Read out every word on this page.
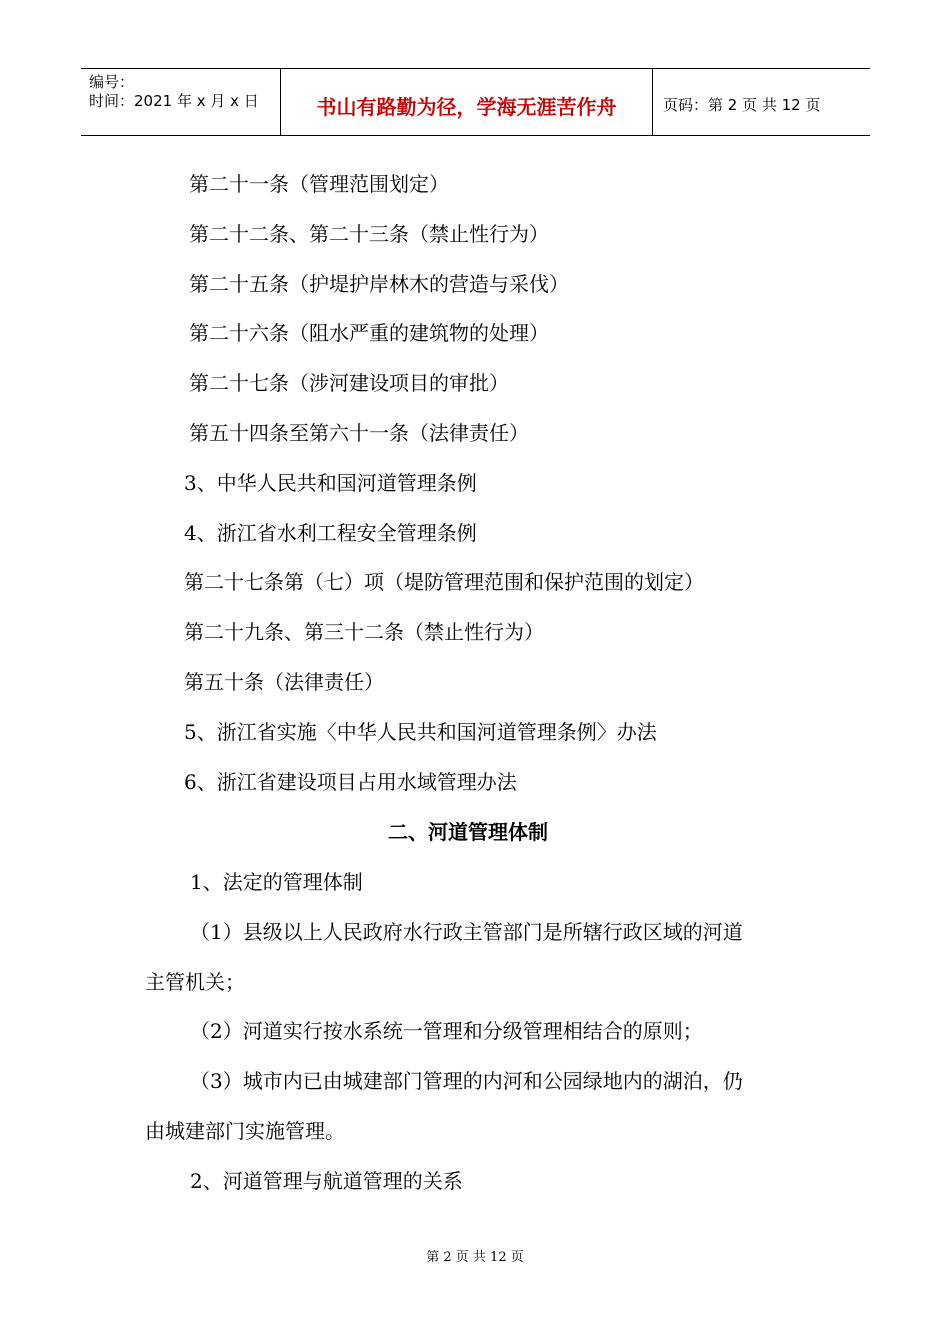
编号：
时间：2021 年 x 月 x 日	书山有路勤为径，学海无涯苦作舟	页码：第 2 页 共 12 页
第二十一条（管理范围划定）
第二十二条、第二十三条（禁止性行为）
第二十五条（护堤护岸林木的营造与采伐）
第二十六条（阻水严重的建筑物的处理）
第二十七条（涉河建设项目的审批）
第五十四条至第六十一条（法律责任）
3、中华人民共和国河道管理条例
4、浙江省水利工程安全管理条例
第二十七条第（七）项（堤防管理范围和保护范围的划定）
第二十九条、第三十二条（禁止性行为）
第五十条（法律责任）
5、浙江省实施〈中华人民共和国河道管理条例〉办法
6、浙江省建设项目占用水域管理办法
二、河道管理体制
1、法定的管理体制
（1）县级以上人民政府水行政主管部门是所辖行政区域的河道
主管机关；
（2）河道实行按水系统一管理和分级管理相结合的原则；
（3）城市内已由城建部门管理的内河和公园绿地内的湖泊，仍
由城建部门实施管理。
2、河道管理与航道管理的关系
第 2 页 共 12 页
